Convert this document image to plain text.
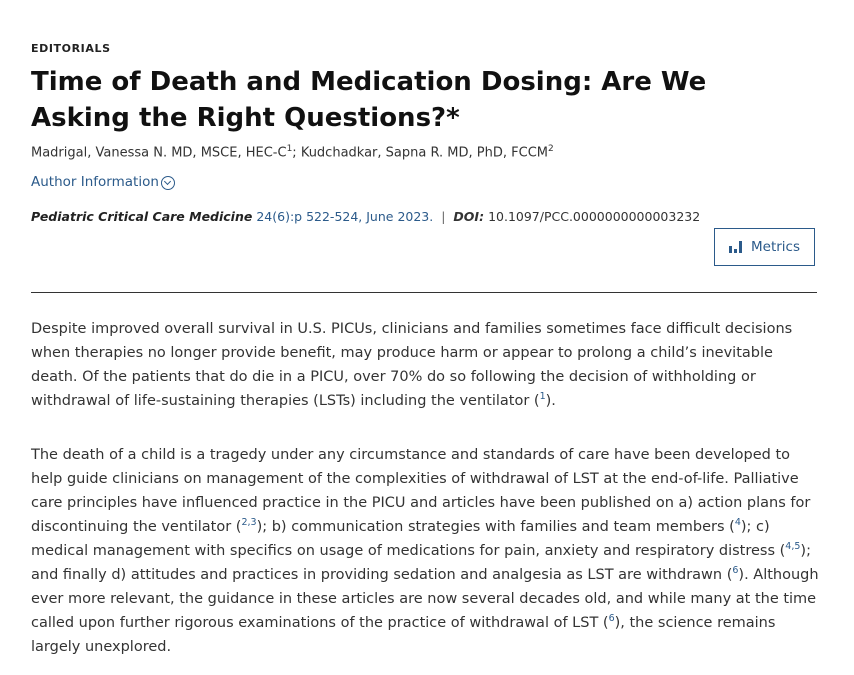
EDITORIALS
Time of Death and Medication Dosing: Are We Asking the Right Questions?*
Madrigal, Vanessa N. MD, MSCE, HEC-$C^1$; Kudchadkar, Sapna R. MD, PhD, FCCM$^2$
Author Information
Pediatric Critical Care Medicine 24(6):p 522-524, June 2023. | DOI: 10.1097/PCC.0000000000003232
Metrics

Despite improved overall survival in U.S. PICUs, clinicians and families sometimes face difficult decisions when therapies no longer provide benefit, may produce harm or appear to prolong a child’s inevitable death. Of the patients that do die in a PICU, over 70% do so following the decision of withholding or withdrawal of life-sustaining therapies (LSTs) including the ventilator ($^1$).

The death of a child is a tragedy under any circumstance and standards of care have been developed to help guide clinicians on management of the complexities of withdrawal of LST at the end-of-life. Palliative care principles have influenced practice in the PICU and articles have been published on a) action plans for discontinuing the ventilator ($^{2,3}$); b) communication strategies with families and team members ($^4$); c) medical management with specifics on usage of medications for pain, anxiety and respiratory distress ($^{4,5}$); and finally d) attitudes and practices in providing sedation and analgesia as LST are withdrawn ($^6$). Although ever more relevant, the guidance in these articles are now several decades old, and while many at the time called upon further rigorous examinations of the practice of withdrawal of LST ($^6$), the science remains largely unexplored.
